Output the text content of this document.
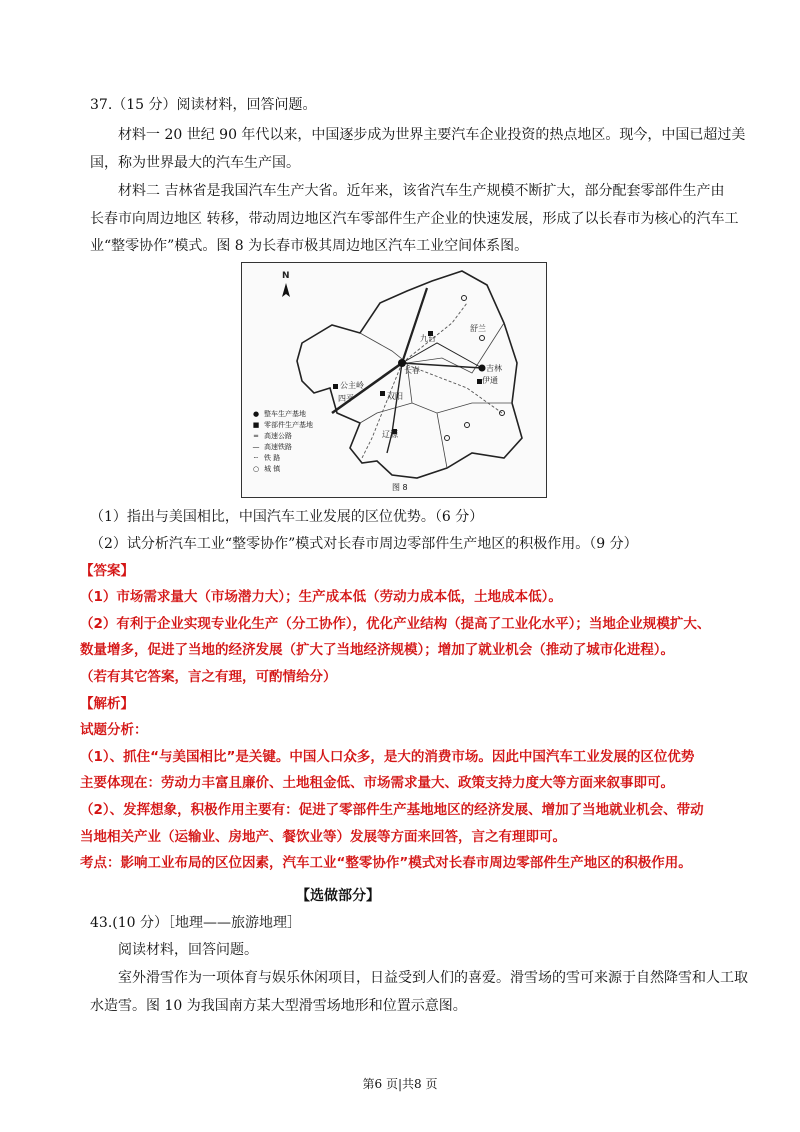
37.（15 分）阅读材料，回答问题。
材料一 20 世纪 90 年代以来，中国逐步成为世界主要汽车企业投资的热点地区。现今，中国已超过美
国，称为世界最大的汽车生产国。
材料二 吉林省是我国汽车生产大省。近年来，该省汽车生产规模不断扩大，部分配套零部件生产由
长春市向周边地区 转移，带动周边地区汽车零部件生产企业的快速发展，形成了以长春市为核心的汽车工
业“整零协作”模式。图 8 为长春市极其周边地区汽车工业空间体系图。
N
九台
长春
公主岭
四平
吉林
辽源
双阳
舒兰
伊通
● 整车生产基地
■ 零部件生产基地
═ 高速公路
— 高速铁路
┄ 铁 路
○ 城 镇
图 8
（1）指出与美国相比，中国汽车工业发展的区位优势。（6 分）
（2）试分析汽车工业“整零协作”模式对长春市周边零部件生产地区的积极作用。（9 分）
【答案】
（1）市场需求量大（市场潜力大）；生产成本低（劳动力成本低，土地成本低）。
（2）有利于企业实现专业化生产（分工协作），优化产业结构（提高了工业化水平）；当地企业规模扩大、
数量增多，促进了当地的经济发展（扩大了当地经济规模）；增加了就业机会（推动了城市化进程）。
（若有其它答案，言之有理，可酌情给分）
【解析】
试题分析：
（1）、抓住“与美国相比”是关键。中国人口众多，是大的消费市场。因此中国汽车工业发展的区位优势
主要体现在：劳动力丰富且廉价、土地租金低、市场需求量大、政策支持力度大等方面来叙事即可。
（2）、发挥想象，积极作用主要有：促进了零部件生产基地地区的经济发展、增加了当地就业机会、带动
当地相关产业（运输业、房地产、餐饮业等）发展等方面来回答，言之有理即可。
考点：影响工业布局的区位因素，汽车工业“整零协作”模式对长春市周边零部件生产地区的积极作用。
【选做部分】
43.(10 分）［地理——旅游地理］
阅读材料，回答问题。
室外滑雪作为一项体育与娱乐休闲项目，日益受到人们的喜爱。滑雪场的雪可来源于自然降雪和人工取
水造雪。图 10 为我国南方某大型滑雪场地形和位置示意图。
第6 页|共8 页
